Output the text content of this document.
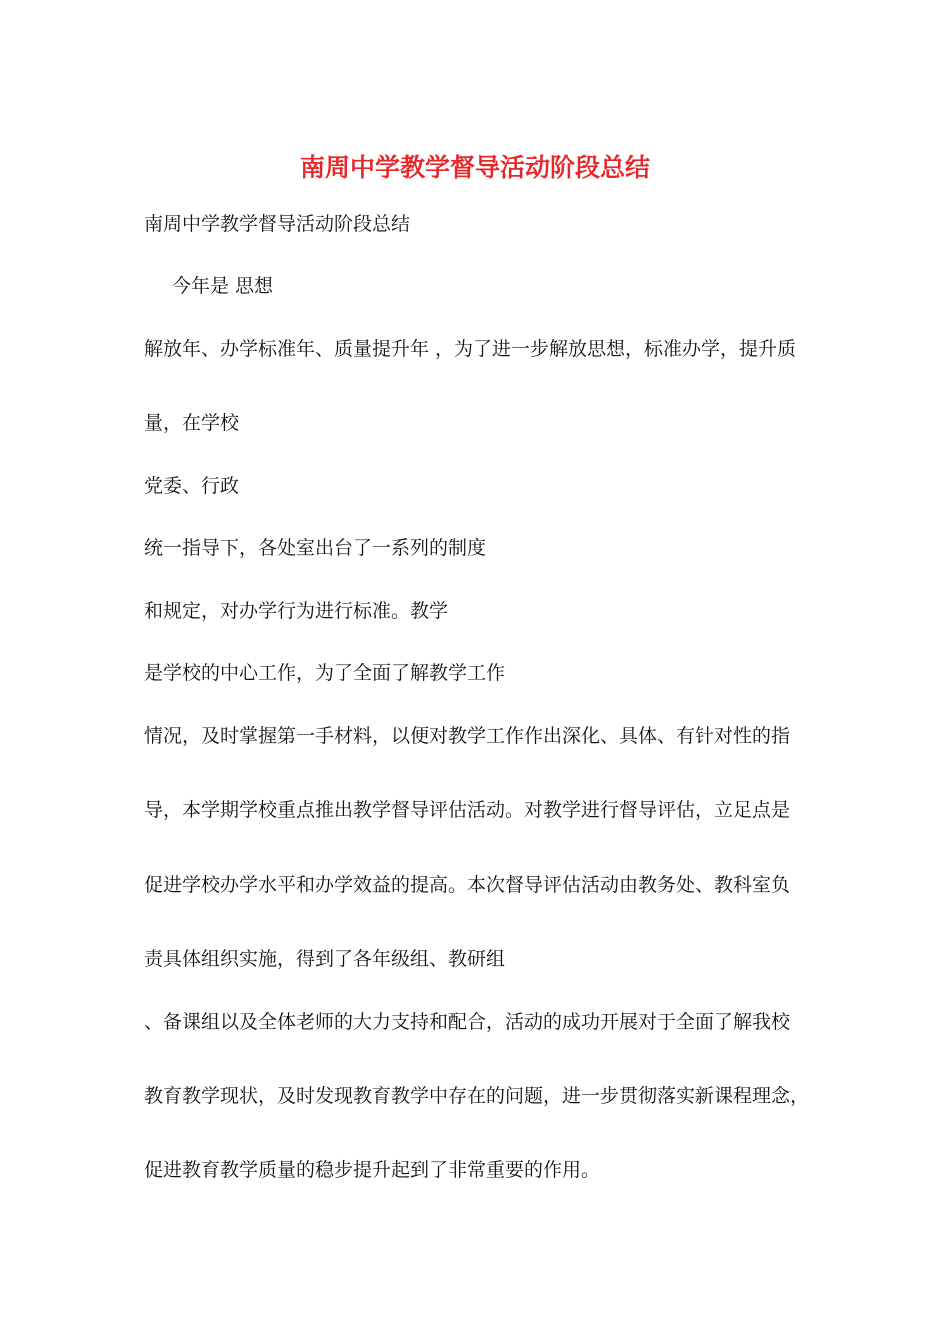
南周中学教学督导活动阶段总结

南周中学教学督导活动阶段总结

今年是 思想

解放年、办学标准年、质量提升年 ，为了进一步解放思想，标准办学，提升质

量，在学校

党委、行政

统一指导下，各处室出台了一系列的制度

和规定，对办学行为进行标准。教学

是学校的中心工作，为了全面了解教学工作

情况，及时掌握第一手材料，以便对教学工作作出深化、具体、有针对性的指

导，本学期学校重点推出教学督导评估活动。对教学进行督导评估，立足点是

促进学校办学水平和办学效益的提高。本次督导评估活动由教务处、教科室负

责具体组织实施，得到了各年级组、教研组

、备课组以及全体老师的大力支持和配合，活动的成功开展对于全面了解我校

教育教学现状，及时发现教育教学中存在的问题，进一步贯彻落实新课程理念，

促进教育教学质量的稳步提升起到了非常重要的作用。
